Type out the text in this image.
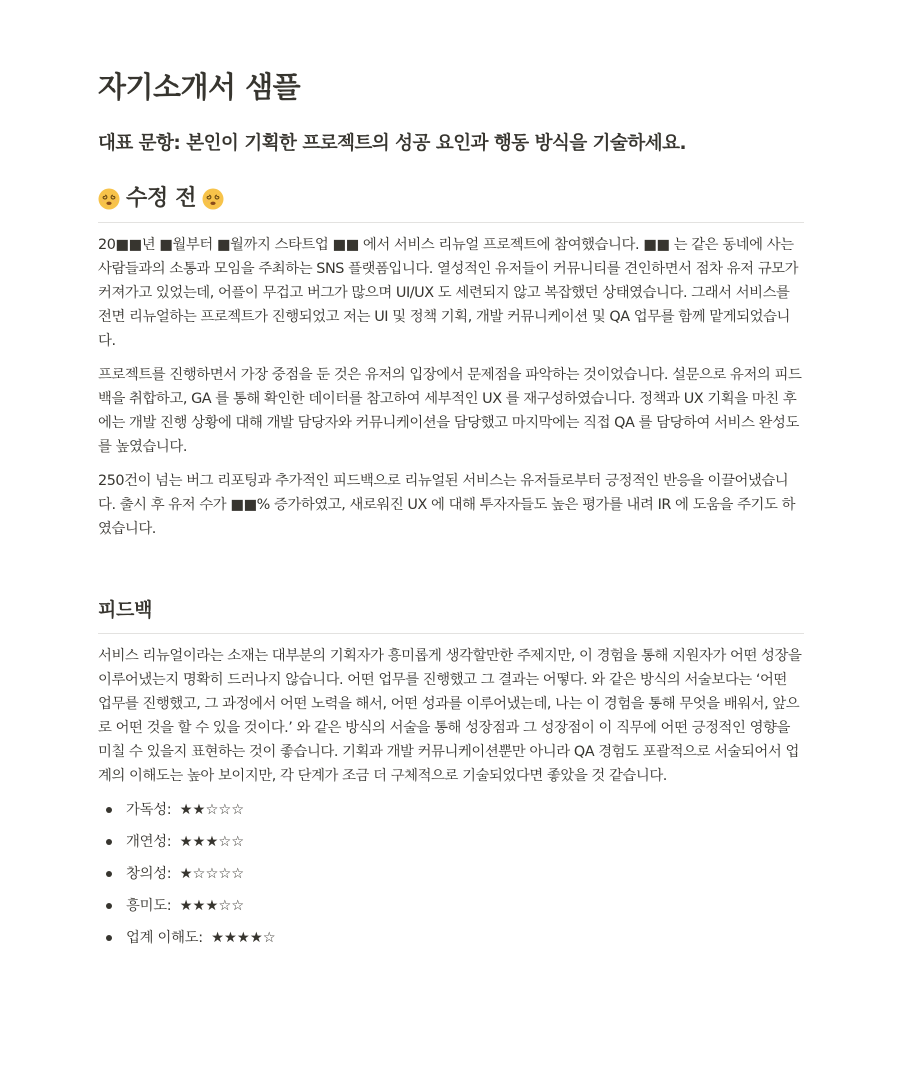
자기소개서 샘플
대표 문항: 본인이 기획한 프로젝트의 성공 요인과 행동 방식을 기술하세요.
수정 전

20■■년 ■월부터 ■월까지 스타트업 ■■ 에서 서비스 리뉴얼 프로젝트에 참여했습니다. ■■ 는 같은 동네에 사는 사람들과의 소통과 모임을 주최하는 SNS 플랫폼입니다. 열성적인 유저들이 커뮤니티를 견인하면서 점차 유저 규모가 커져가고 있었는데, 어플이 무겁고 버그가 많으며 UI/UX 도 세련되지 않고 복잡했던 상태였습니다. 그래서 서비스를 전면 리뉴얼하는 프로젝트가 진행되었고 저는 UI 및 정책 기획, 개발 커뮤니케이션 및 QA 업무를 함께 맡게되었습니다.

프로젝트를 진행하면서 가장 중점을 둔 것은 유저의 입장에서 문제점을 파악하는 것이었습니다. 설문으로 유저의 피드백을 취합하고, GA 를 통해 확인한 데이터를 참고하여 세부적인 UX 를 재구성하였습니다. 정책과 UX 기획을 마친 후에는 개발 진행 상황에 대해 개발 담당자와 커뮤니케이션을 담당했고 마지막에는 직접 QA 를 담당하여 서비스 완성도를 높였습니다.

250건이 넘는 버그 리포팅과 추가적인 피드백으로 리뉴얼된 서비스는 유저들로부터 긍정적인 반응을 이끌어냈습니다. 출시 후 유저 수가 ■■% 증가하였고, 새로워진 UX 에 대해 투자자들도 높은 평가를 내려 IR 에 도움을 주기도 하였습니다.

피드백

서비스 리뉴얼이라는 소재는 대부분의 기획자가 흥미롭게 생각할만한 주제지만, 이 경험을 통해 지원자가 어떤 성장을 이루어냈는지 명확히 드러나지 않습니다. 어떤 업무를 진행했고 그 결과는 어떻다. 와 같은 방식의 서술보다는 ‘어떤 업무를 진행했고, 그 과정에서 어떤 노력을 해서, 어떤 성과를 이루어냈는데, 나는 이 경험을 통해 무엇을 배워서, 앞으로 어떤 것을 할 수 있을 것이다.’ 와 같은 방식의 서술을 통해 성장점과 그 성장점이 이 직무에 어떤 긍정적인 영향을 미칠 수 있을지 표현하는 것이 좋습니다. 기획과 개발 커뮤니케이션뿐만 아니라 QA 경험도 포괄적으로 서술되어서 업계의 이해도는 높아 보이지만, 각 단계가 조금 더 구체적으로 기술되었다면 좋았을 것 같습니다.

가독성: ★★☆☆☆
개연성: ★★★☆☆
창의성: ★☆☆☆☆
흥미도: ★★★☆☆
업계 이해도: ★★★★☆
